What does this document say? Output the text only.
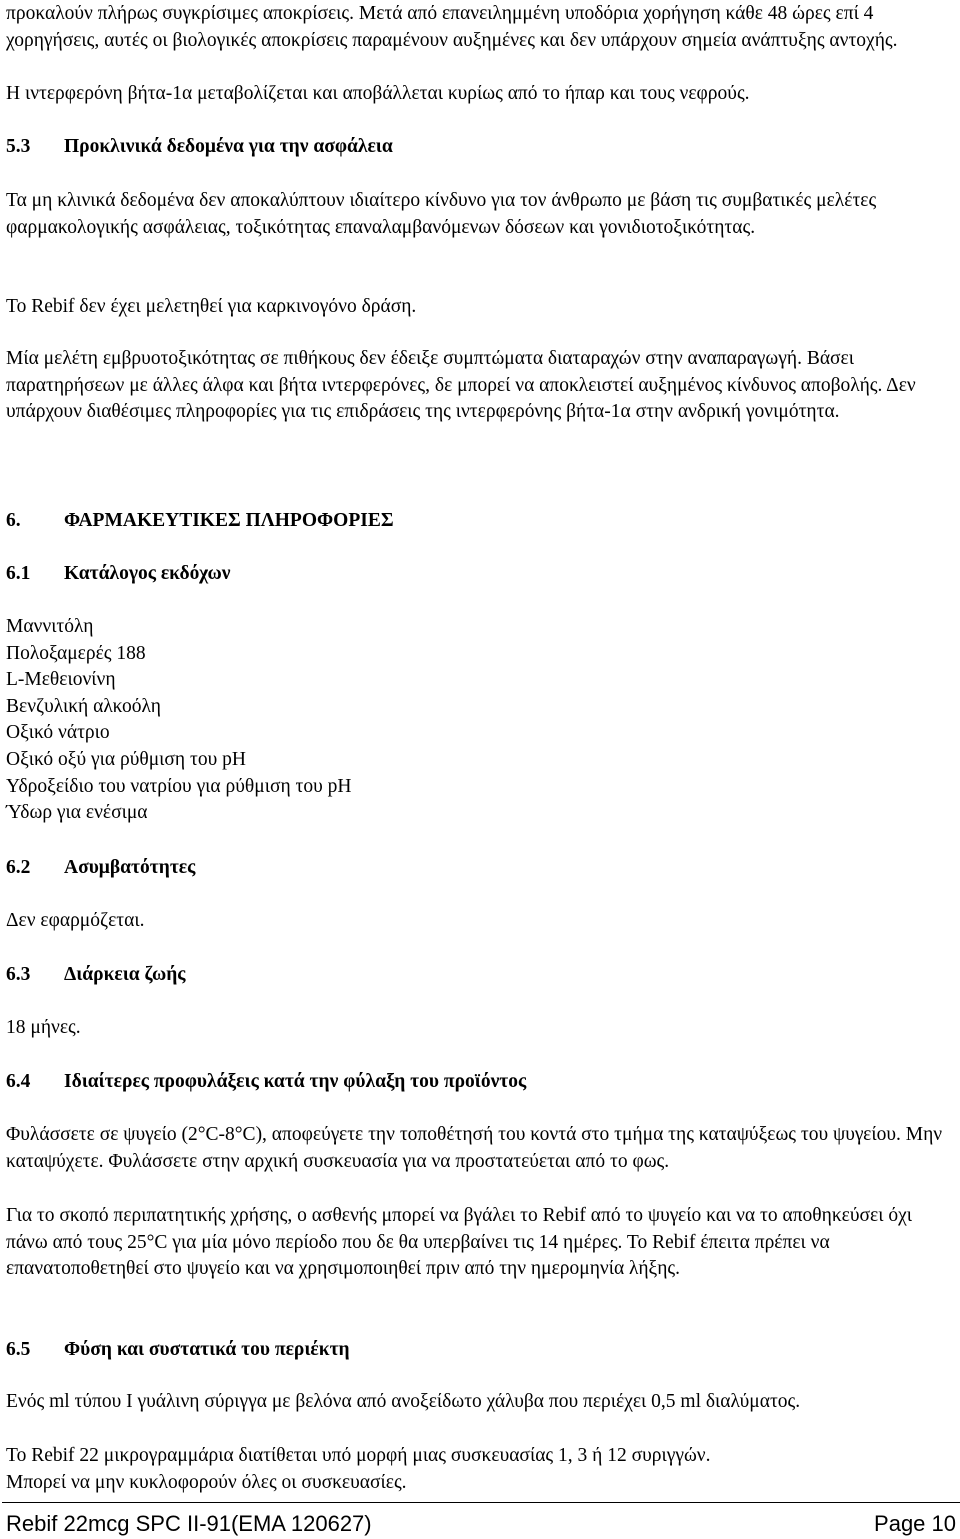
προκαλούν πλήρως συγκρίσιμες αποκρίσεις. Μετά από επανειλημμένη υποδόρια χορήγηση κάθε 48 ώρες επί 4 χορηγήσεις, αυτές οι βιολογικές αποκρίσεις παραμένουν αυξημένες και δεν υπάρχουν σημεία ανάπτυξης αντοχής.

Η ιντερφερόνη βήτα-1α μεταβολίζεται και αποβάλλεται κυρίως από το ήπαρ και τους νεφρούς.

5.3 Προκλινικά δεδομένα για την ασφάλεια

Τα μη κλινικά δεδομένα δεν αποκαλύπτουν ιδιαίτερο κίνδυνο για τον άνθρωπο με βάση τις συμβατικές μελέτες φαρμακολογικής ασφάλειας, τοξικότητας επαναλαμβανόμενων δόσεων και γονιδιοτοξικότητας.

Το Rebif δεν έχει μελετηθεί για καρκινογόνο δράση.

Μία μελέτη εμβρυοτοξικότητας σε πιθήκους δεν έδειξε συμπτώματα διαταραχών στην αναπαραγωγή. Βάσει παρατηρήσεων με άλλες άλφα και βήτα ιντερφερόνες, δε μπορεί να αποκλειστεί αυξημένος κίνδυνος αποβολής. Δεν υπάρχουν διαθέσιμες πληροφορίες για τις επιδράσεις της ιντερφερόνης βήτα-1α στην ανδρική γονιμότητα.

6. ΦΑΡΜΑΚΕΥΤΙΚΕΣ ΠΛΗΡΟΦΟΡΙΕΣ
6.1 Κατάλογος εκδόχων
Μαννιτόλη
Πολοξαμερές 188
L-Μεθειονίνη
Βενζυλική αλκοόλη
Οξικό νάτριο
Οξικό οξύ για ρύθμιση του pH
Υδροξείδιο του νατρίου για ρύθμιση του pH
Ύδωρ για ενέσιμα
6.2 Ασυμβατότητες

Δεν εφαρμόζεται.

6.3 Διάρκεια ζωής

18 μήνες.

6.4 Ιδιαίτερες προφυλάξεις κατά την φύλαξη του προϊόντος

Φυλάσσετε σε ψυγείο (2°C-8°C), αποφεύγετε την τοποθέτησή του κοντά στο τμήμα της καταψύξεως του ψυγείου. Μην καταψύχετε. Φυλάσσετε στην αρχική συσκευασία για να προστατεύεται από το φως.

Για το σκοπό περιπατητικής χρήσης, ο ασθενής μπορεί να βγάλει το Rebif από το ψυγείο και να το αποθηκεύσει όχι πάνω από τους 25°C για μία μόνο περίοδο που δε θα υπερβαίνει τις 14 ημέρες. Το Rebif έπειτα πρέπει να επανατοποθετηθεί στο ψυγείο και να χρησιμοποιηθεί πριν από την ημερομηνία λήξης.

6.5 Φύση και συστατικά του περιέκτη

Ενός ml τύπου I γυάλινη σύριγγα με βελόνα από ανοξείδωτο χάλυβα που περιέχει 0,5 ml διαλύματος.

Το Rebif 22 μικρογραμμάρια διατίθεται υπό μορφή μιας συσκευασίας 1, 3 ή 12 συριγγών.

Μπορεί να μην κυκλοφορούν όλες οι συσκευασίες.

Rebif 22mcg SPC II-91(EMA 120627)	Page 10
